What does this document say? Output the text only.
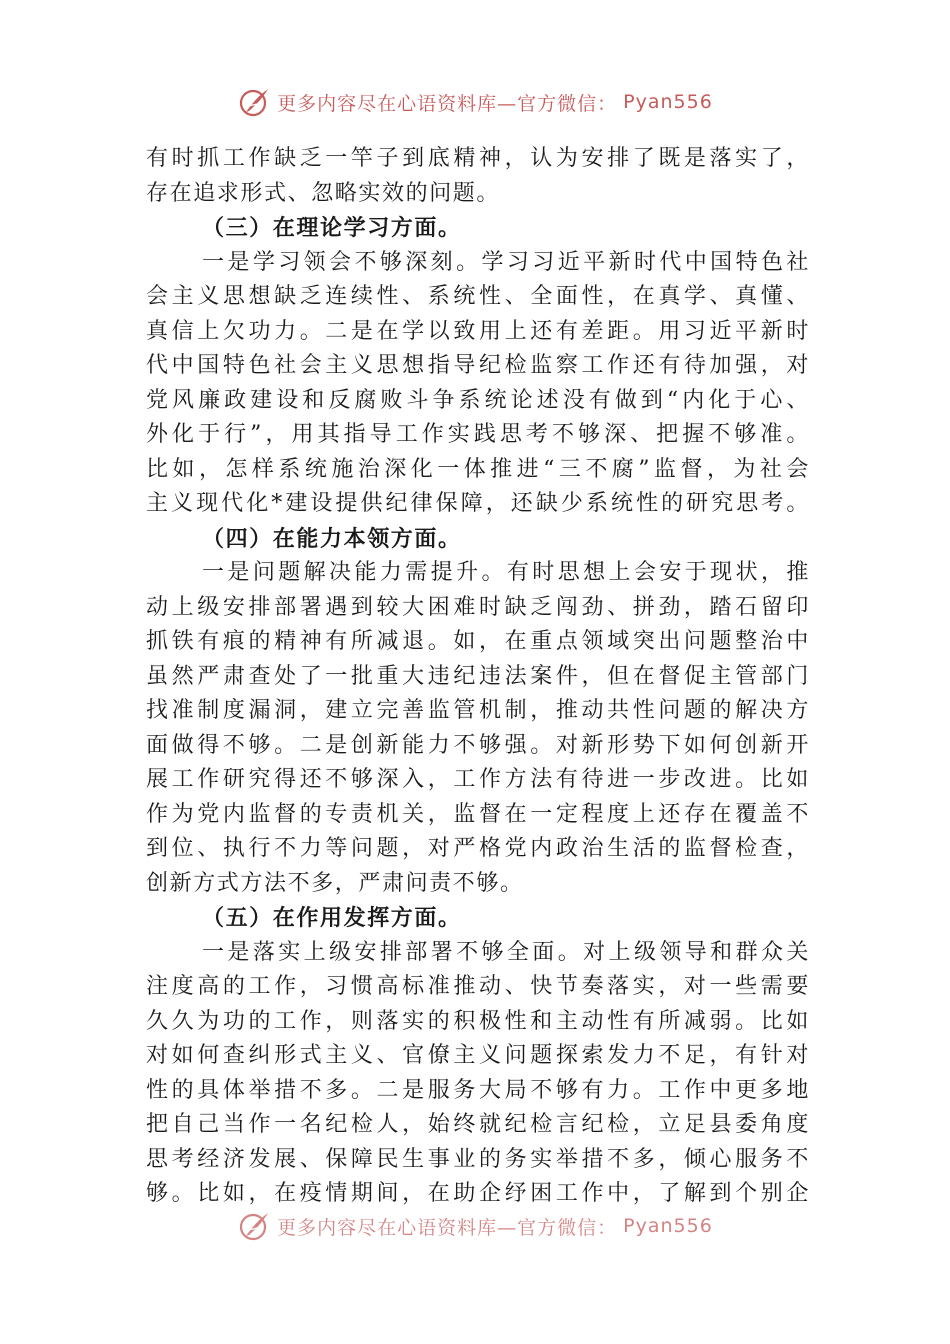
更多内容尽在心语资料库—官方微信： Pyan556
有时抓工作缺乏一竿子到底精神，认为安排了既是落实了，
存在追求形式、忽略实效的问题。
（三）在理论学习方面。
一是学习领会不够深刻。学习习近平新时代中国特色社
会主义思想缺乏连续性、系统性、全面性，在真学、真懂、
真信上欠功力。二是在学以致用上还有差距。用习近平新时
代中国特色社会主义思想指导纪检监察工作还有待加强，对
党风廉政建设和反腐败斗争系统论述没有做到“内化于心、
外化于行”，用其指导工作实践思考不够深、把握不够准。
比如，怎样系统施治深化一体推进“三不腐”监督，为社会
主义现代化*建设提供纪律保障，还缺少系统性的研究思考。
（四）在能力本领方面。
一是问题解决能力需提升。有时思想上会安于现状，推
动上级安排部署遇到较大困难时缺乏闯劲、拼劲，踏石留印
抓铁有痕的精神有所减退。如，在重点领域突出问题整治中
虽然严肃查处了一批重大违纪违法案件，但在督促主管部门
找准制度漏洞，建立完善监管机制，推动共性问题的解决方
面做得不够。二是创新能力不够强。对新形势下如何创新开
展工作研究得还不够深入，工作方法有待进一步改进。比如
作为党内监督的专责机关，监督在一定程度上还存在覆盖不
到位、执行不力等问题，对严格党内政治生活的监督检查，
创新方式方法不多，严肃问责不够。
（五）在作用发挥方面。
一是落实上级安排部署不够全面。对上级领导和群众关
注度高的工作，习惯高标准推动、快节奏落实，对一些需要
久久为功的工作，则落实的积极性和主动性有所减弱。比如
对如何查纠形式主义、官僚主义问题探索发力不足，有针对
性的具体举措不多。二是服务大局不够有力。工作中更多地
把自己当作一名纪检人，始终就纪检言纪检，立足县委角度
思考经济发展、保障民生事业的务实举措不多，倾心服务不
够。比如，在疫情期间，在助企纾困工作中，了解到个别企
更多内容尽在心语资料库—官方微信： Pyan556
